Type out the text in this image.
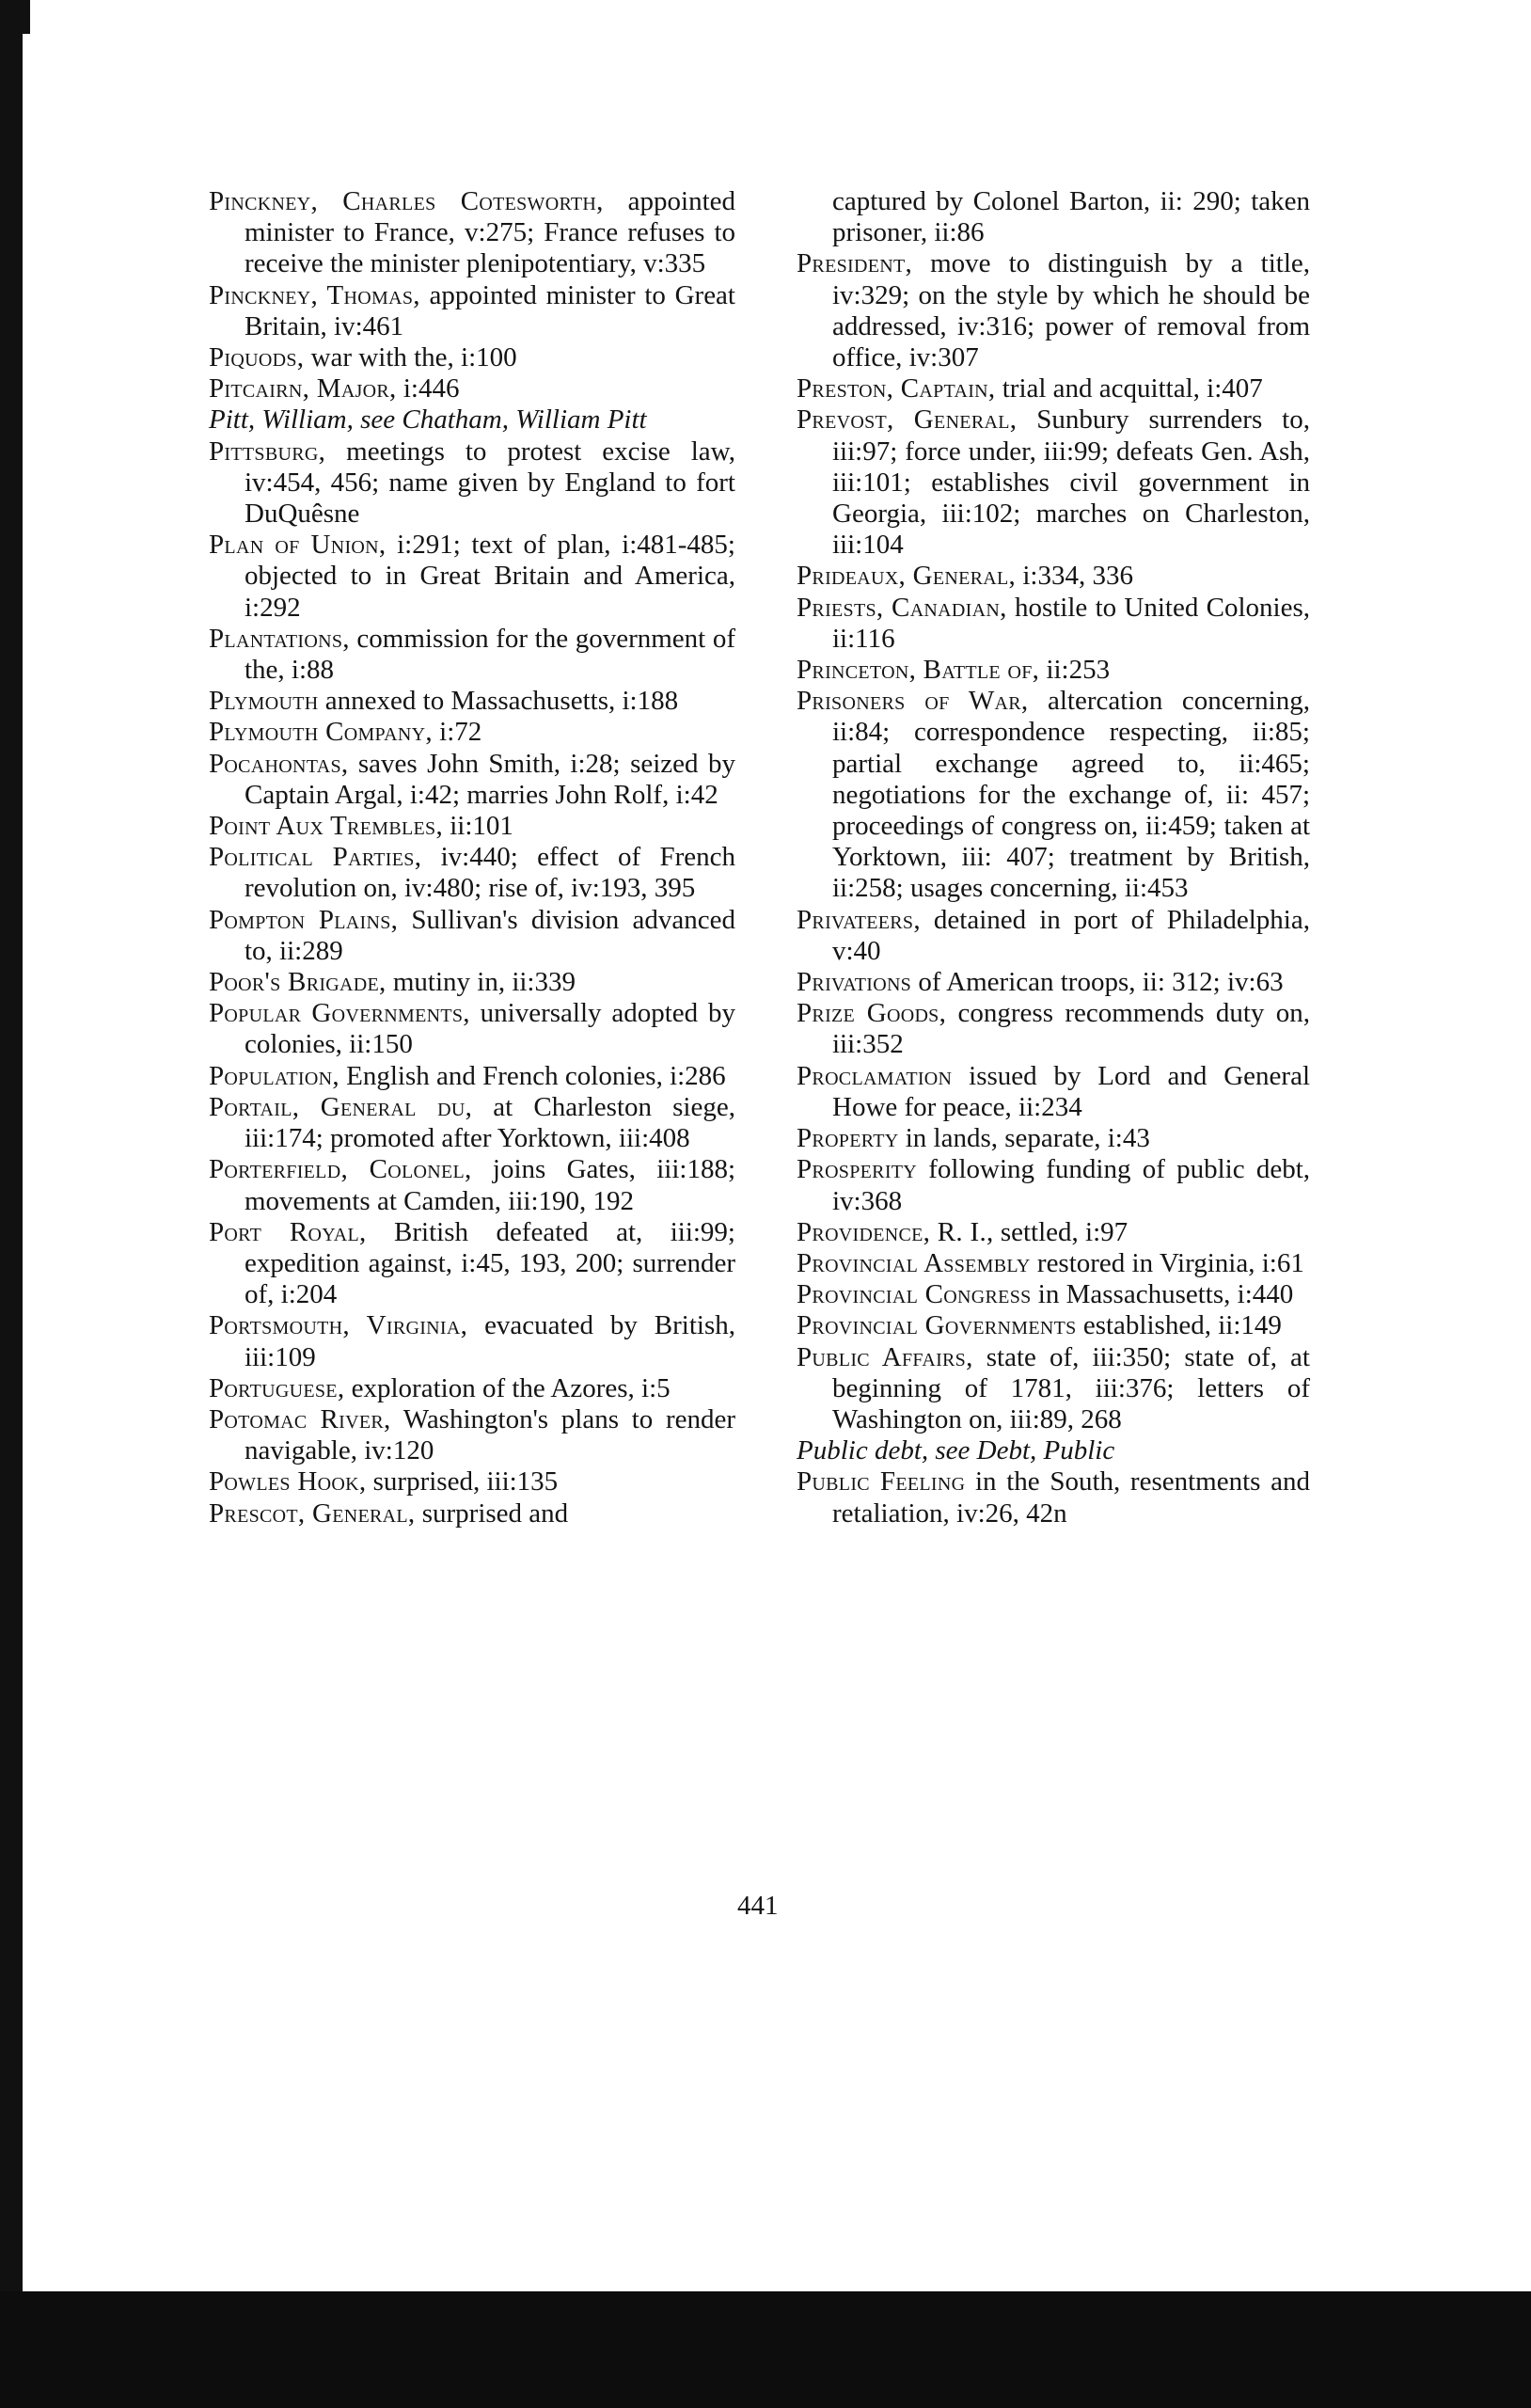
Pinckney, Charles Cotesworth, appointed minister to France, v:275; France refuses to receive the minister plenipotentiary, v:335

Pinckney, Thomas, appointed minister to Great Britain, iv:461

Piquods, war with the, i:100

Pitcairn, Major, i:446

Pitt, William, see Chatham, William Pitt

Pittsburg, meetings to protest excise law, iv:454, 456; name given by England to fort DuQuêsne

Plan of Union, i:291; text of plan, i:481-485; objected to in Great Britain and America, i:292

Plantations, commission for the government of the, i:88

Plymouth annexed to Massachusetts, i:188

Plymouth Company, i:72

Pocahontas, saves John Smith, i:28; seized by Captain Argal, i:42; marries John Rolf, i:42

Point Aux Trembles, ii:101

Political Parties, iv:440; effect of French revolution on, iv:480; rise of, iv:193, 395

Pompton Plains, Sullivan's division advanced to, ii:289

Poor's Brigade, mutiny in, ii:339

Popular Governments, universally adopted by colonies, ii:150

Population, English and French colonies, i:286

Portail, General du, at Charleston siege, iii:174; promoted after Yorktown, iii:408

Porterfield, Colonel, joins Gates, iii:188; movements at Camden, iii:190, 192

Port Royal, British defeated at, iii:99; expedition against, i:45, 193, 200; surrender of, i:204

Portsmouth, Virginia, evacuated by British, iii:109

Portuguese, exploration of the Azores, i:5

Potomac River, Washington's plans to render navigable, iv:120

Powles Hook, surprised, iii:135

Prescot, General, surprised and

captured by Colonel Barton, ii: 290; taken prisoner, ii:86

President, move to distinguish by a title, iv:329; on the style by which he should be addressed, iv:316; power of removal from office, iv:307

Preston, Captain, trial and acquittal, i:407

Prevost, General, Sunbury surrenders to, iii:97; force under, iii:99; defeats Gen. Ash, iii:101; establishes civil government in Georgia, iii:102; marches on Charleston, iii:104

Prideaux, General, i:334, 336

Priests, Canadian, hostile to United Colonies, ii:116

Princeton, Battle of, ii:253

Prisoners of War, altercation concerning, ii:84; correspondence respecting, ii:85; partial exchange agreed to, ii:465; negotiations for the exchange of, ii: 457; proceedings of congress on, ii:459; taken at Yorktown, iii: 407; treatment by British, ii:258; usages concerning, ii:453

Privateers, detained in port of Philadelphia, v:40

Privations of American troops, ii: 312; iv:63

Prize Goods, congress recommends duty on, iii:352

Proclamation issued by Lord and General Howe for peace, ii:234

Property in lands, separate, i:43

Prosperity following funding of public debt, iv:368

Providence, R. I., settled, i:97

Provincial Assembly restored in Virginia, i:61

Provincial Congress in Massachusetts, i:440

Provincial Governments established, ii:149

Public Affairs, state of, iii:350; state of, at beginning of 1781, iii:376; letters of Washington on, iii:89, 268

Public debt, see Debt, Public

Public Feeling in the South, resentments and retaliation, iv:26, 42n

441
